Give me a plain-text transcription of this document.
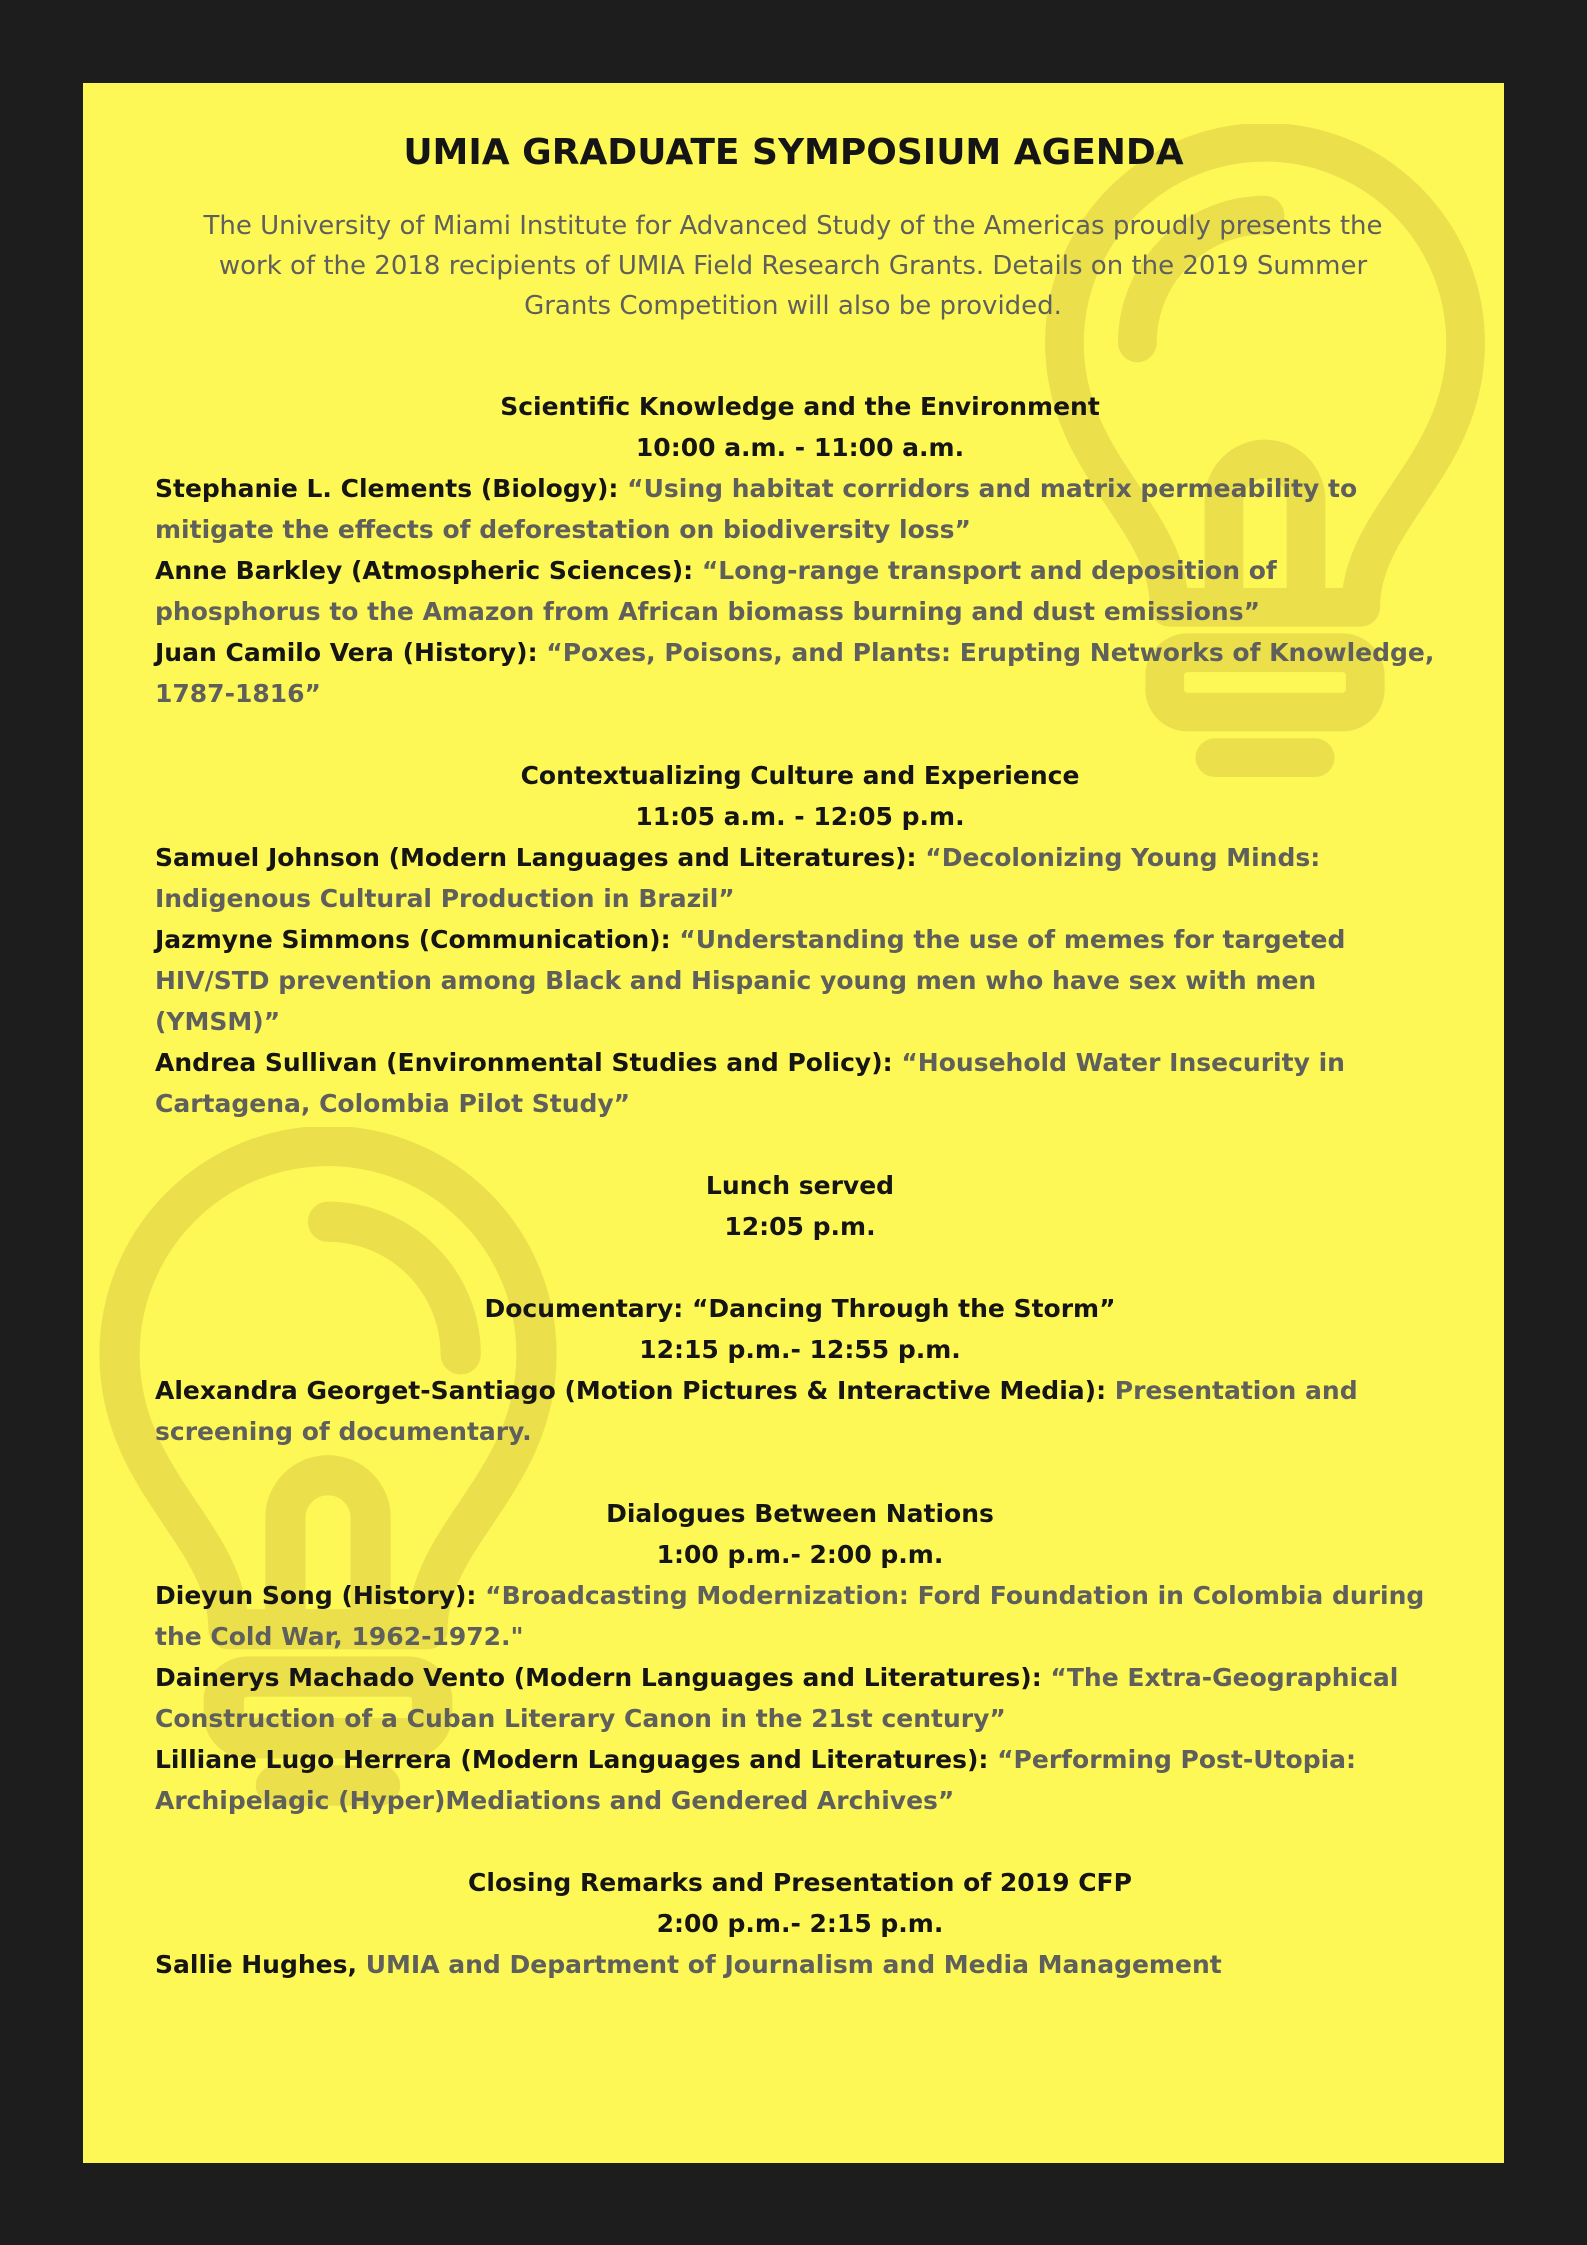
UMIA GRADUATE SYMPOSIUM AGENDA

The University of Miami Institute for Advanced Study of the Americas proudly presents the work of the 2018 recipients of UMIA Field Research Grants. Details on the 2019 Summer Grants Competition will also be provided.

Scientific Knowledge and the Environment

10:00 a.m. - 11:00 a.m.

Stephanie L. Clements (Biology): “Using habitat corridors and matrix permeability to mitigate the effects of deforestation on biodiversity loss”

Anne Barkley (Atmospheric Sciences): “Long-range transport and deposition of phosphorus to the Amazon from African biomass burning and dust emissions”

Juan Camilo Vera (History): “Poxes, Poisons, and Plants: Erupting Networks of Knowledge, 1787-1816”

Contextualizing Culture and Experience

11:05 a.m. - 12:05 p.m.

Samuel Johnson (Modern Languages and Literatures): “Decolonizing Young Minds: Indigenous Cultural Production in Brazil”

Jazmyne Simmons (Communication): “Understanding the use of memes for targeted HIV/STD prevention among Black and Hispanic young men who have sex with men (YMSM)”

Andrea Sullivan (Environmental Studies and Policy): “Household Water Insecurity in Cartagena, Colombia Pilot Study”

Lunch served

12:05 p.m.

Documentary: “Dancing Through the Storm”

12:15 p.m.- 12:55 p.m.

Alexandra Georget-Santiago (Motion Pictures & Interactive Media): Presentation and screening of documentary.

Dialogues Between Nations

1:00 p.m.- 2:00 p.m.

Dieyun Song (History): “Broadcasting Modernization: Ford Foundation in Colombia during the Cold War, 1962-1972."

Dainerys Machado Vento (Modern Languages and Literatures): “The Extra-Geographical Construction of a Cuban Literary Canon in the 21st century”

Lilliane Lugo Herrera (Modern Languages and Literatures): “Performing Post-Utopia: Archipelagic (Hyper)Mediations and Gendered Archives”

Closing Remarks and Presentation of 2019 CFP

2:00 p.m.- 2:15 p.m.

Sallie Hughes, UMIA and Department of Journalism and Media Management
